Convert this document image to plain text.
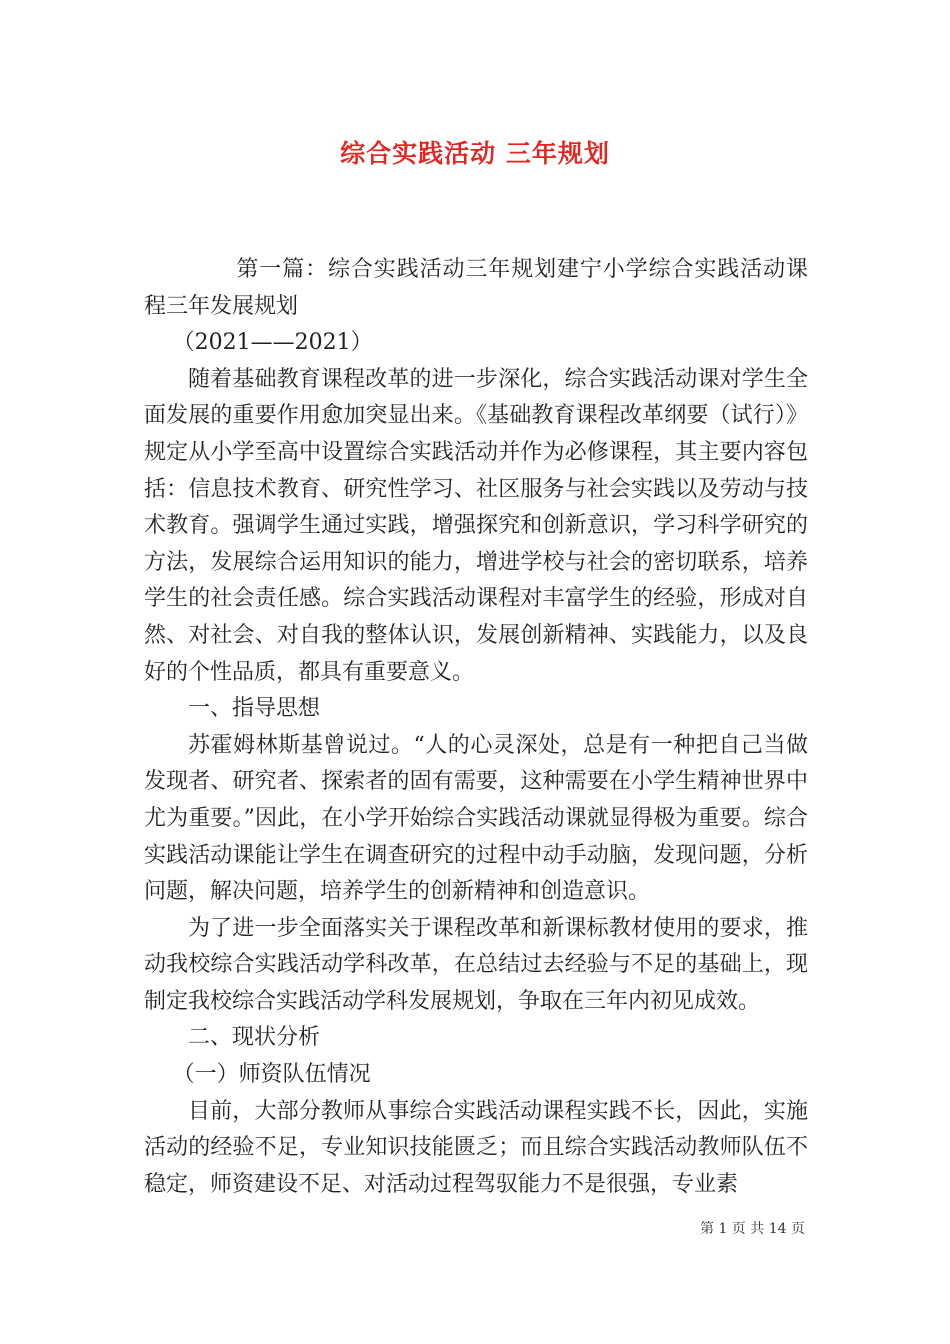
综合实践活动 三年规划

第一篇：综合实践活动三年规划建宁小学综合实践活动课程三年发展规划

（2021——2021）

随着基础教育课程改革的进一步深化，综合实践活动课对学生全面发展的重要作用愈加突显出来。《基础教育课程改革纲要（试行）》规定从小学至高中设置综合实践活动并作为必修课程，其主要内容包括：信息技术教育、研究性学习、社区服务与社会实践以及劳动与技术教育。强调学生通过实践，增强探究和创新意识，学习科学研究的方法，发展综合运用知识的能力，增进学校与社会的密切联系，培养学生的社会责任感。综合实践活动课程对丰富学生的经验，形成对自然、对社会、对自我的整体认识，发展创新精神、实践能力，以及良好的个性品质，都具有重要意义。

一、指导思想

苏霍姆林斯基曾说过。“人的心灵深处，总是有一种把自己当做发现者、研究者、探索者的固有需要，这种需要在小学生精神世界中尤为重要。”因此，在小学开始综合实践活动课就显得极为重要。综合实践活动课能让学生在调查研究的过程中动手动脑，发现问题，分析问题，解决问题，培养学生的创新精神和创造意识。

为了进一步全面落实关于课程改革和新课标教材使用的要求，推动我校综合实践活动学科改革，在总结过去经验与不足的基础上，现制定我校综合实践活动学科发展规划，争取在三年内初见成效。

二、现状分析

（一）师资队伍情况

目前，大部分教师从事综合实践活动课程实践不长，因此，实施活动的经验不足，专业知识技能匮乏；而且综合实践活动教师队伍不稳定，师资建设不足、对活动过程驾驭能力不是很强，专业素

第 1 页 共 14 页
